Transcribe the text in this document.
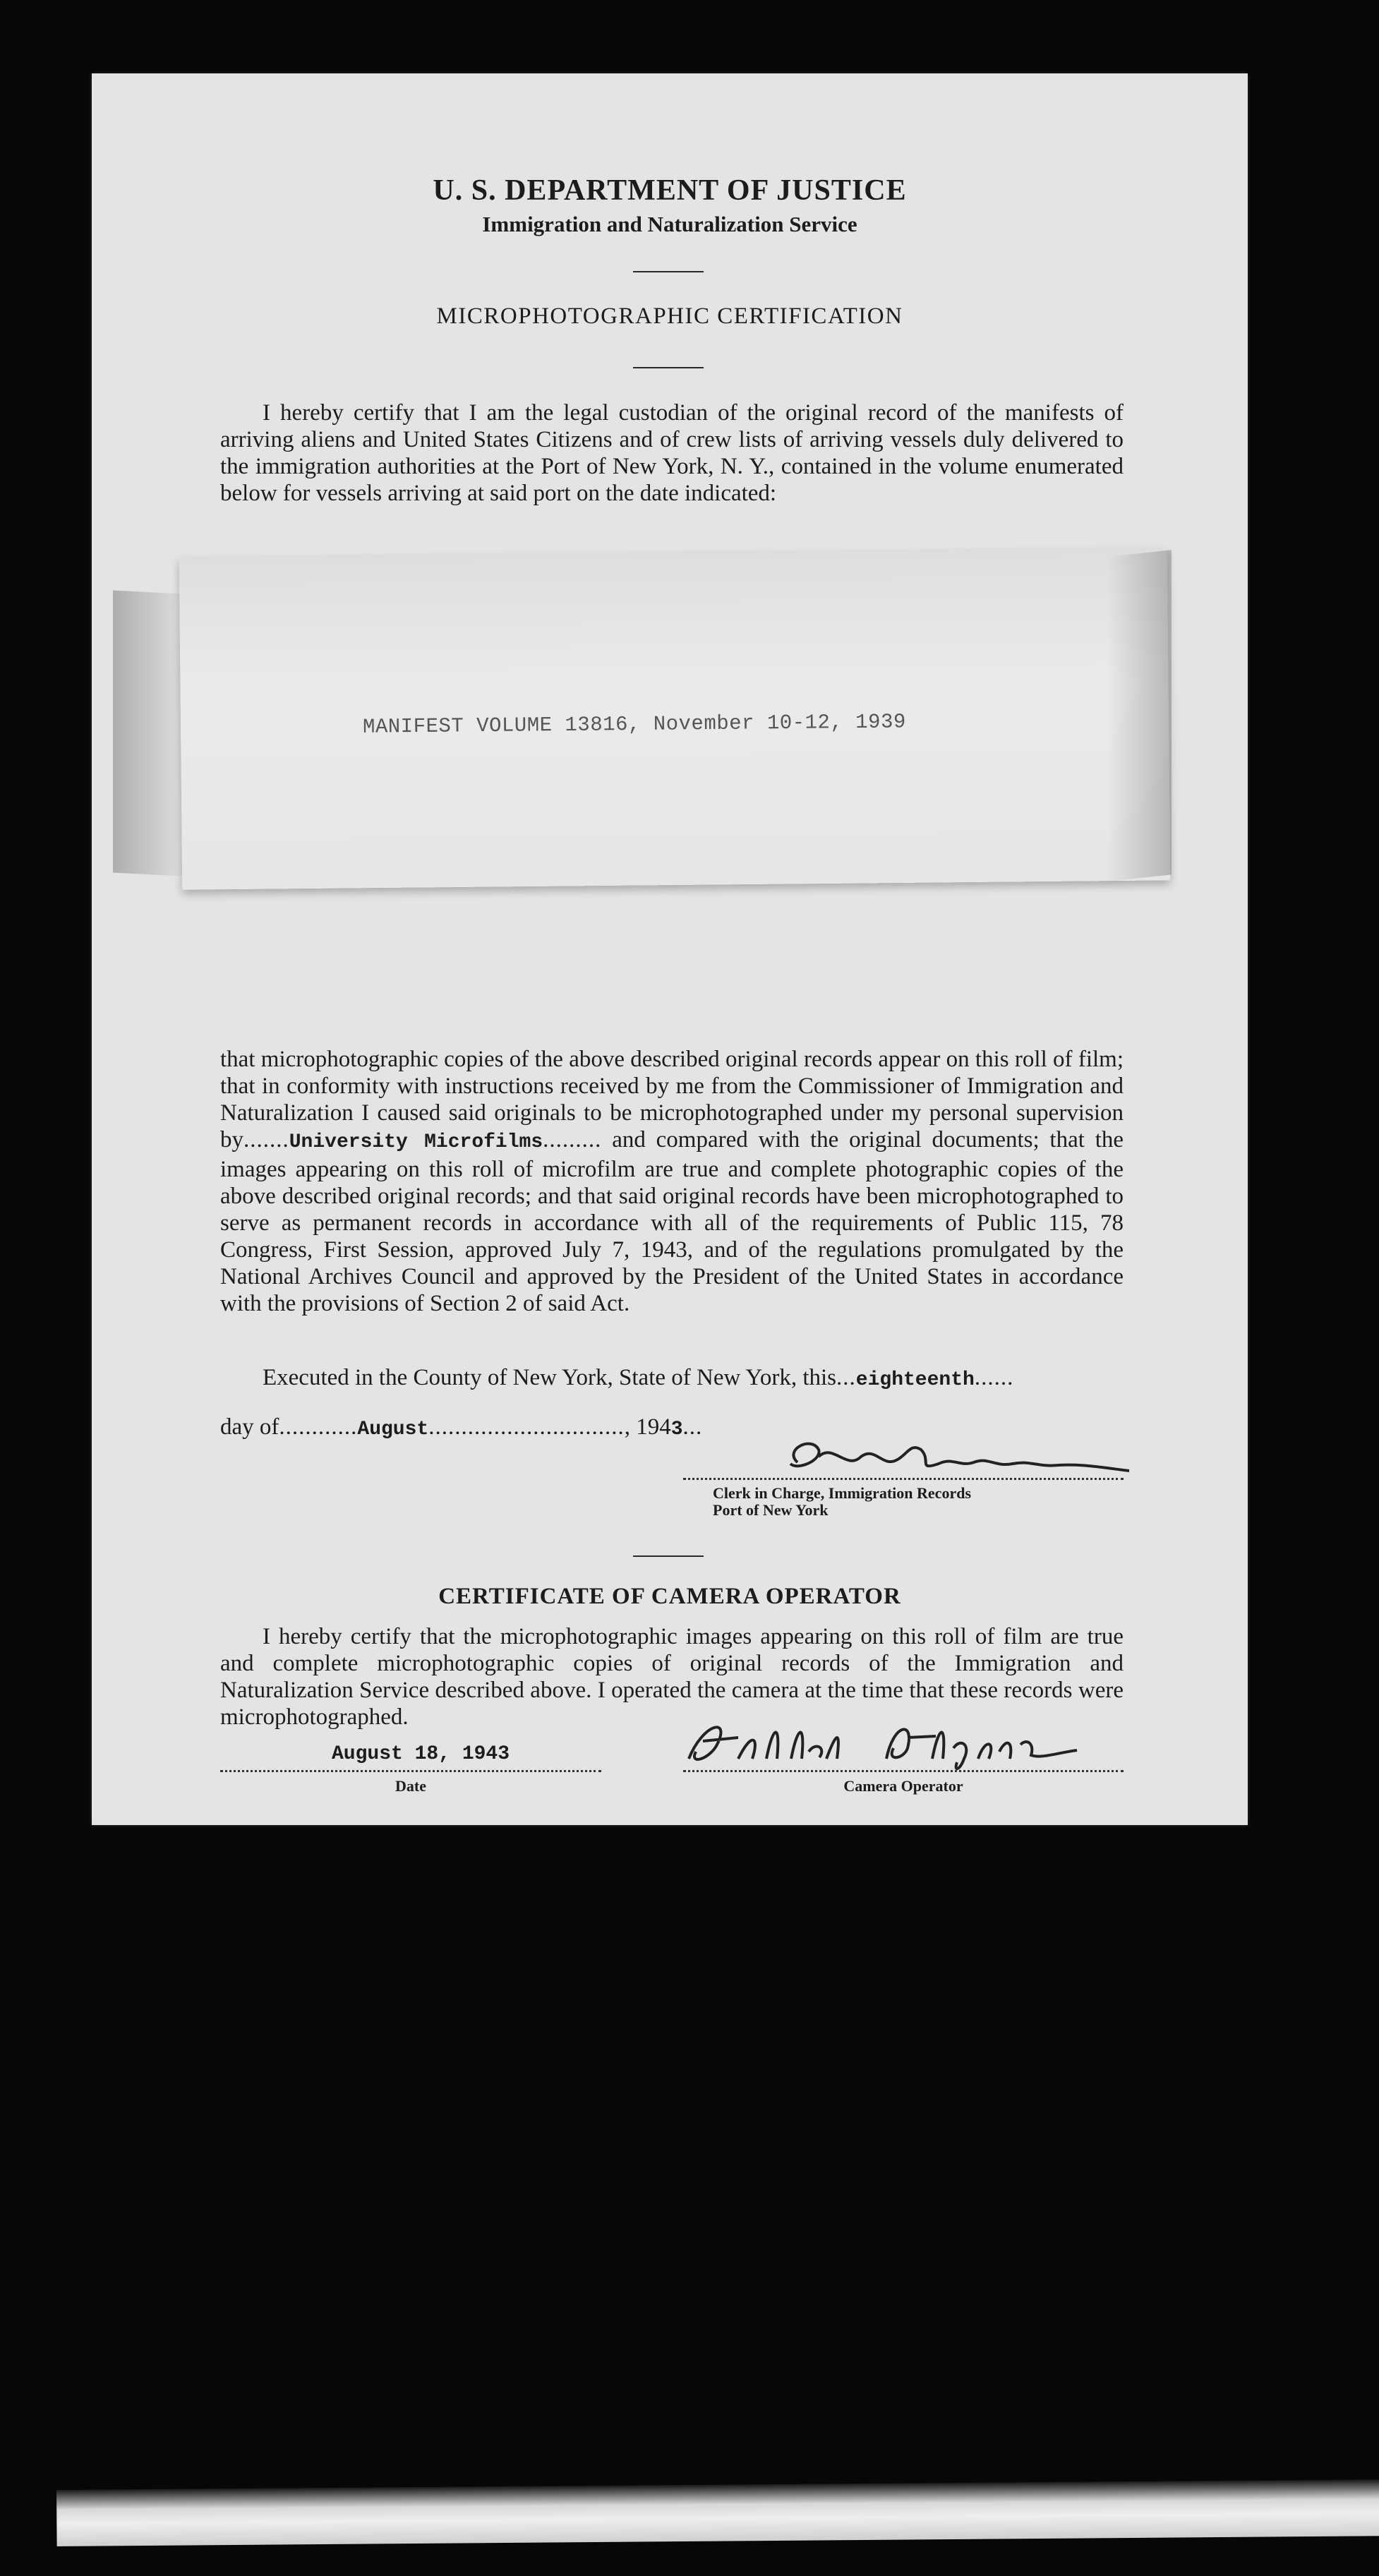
U. S. DEPARTMENT OF JUSTICE
Immigration and Naturalization Service
MICROPHOTOGRAPHIC CERTIFICATION
I hereby certify that I am the legal custodian of the original record of the manifests of arriving aliens and United States Citizens and of crew lists of arriving vessels duly delivered to the immigration authorities at the Port of New York, N. Y., contained in the volume enumerated below for vessels arriving at said port on the date indicated:
MANIFEST VOLUME 13816, November 10-12, 1939
that microphotographic copies of the above described original records appear on this roll of film; that in conformity with instructions received by me from the Commissioner of Immigration and Naturalization I caused said originals to be microphotographed under my personal supervision by.......University Microfilms......... and compared with the original documents; that the images appearing on this roll of microfilm are true and complete photographic copies of the above described original records; and that said original records have been microphotographed to serve as permanent records in accordance with all of the requirements of Public 115, 78 Congress, First Session, approved July 7, 1943, and of the regulations promulgated by the National Archives Council and approved by the President of the United States in accordance with the provisions of Section 2 of said Act.
Executed in the County of New York, State of New York, this...eighteenth......
day of............August.............................., 1943...
Clerk in Charge, Immigration Records
Port of New York
CERTIFICATE OF CAMERA OPERATOR
I hereby certify that the microphotographic images appearing on this roll of film are true and complete microphotographic copies of original records of the Immigration and Naturalization Service described above. I operated the camera at the time that these records were microphotographed.
August 18, 1943
Date	Camera Operator
